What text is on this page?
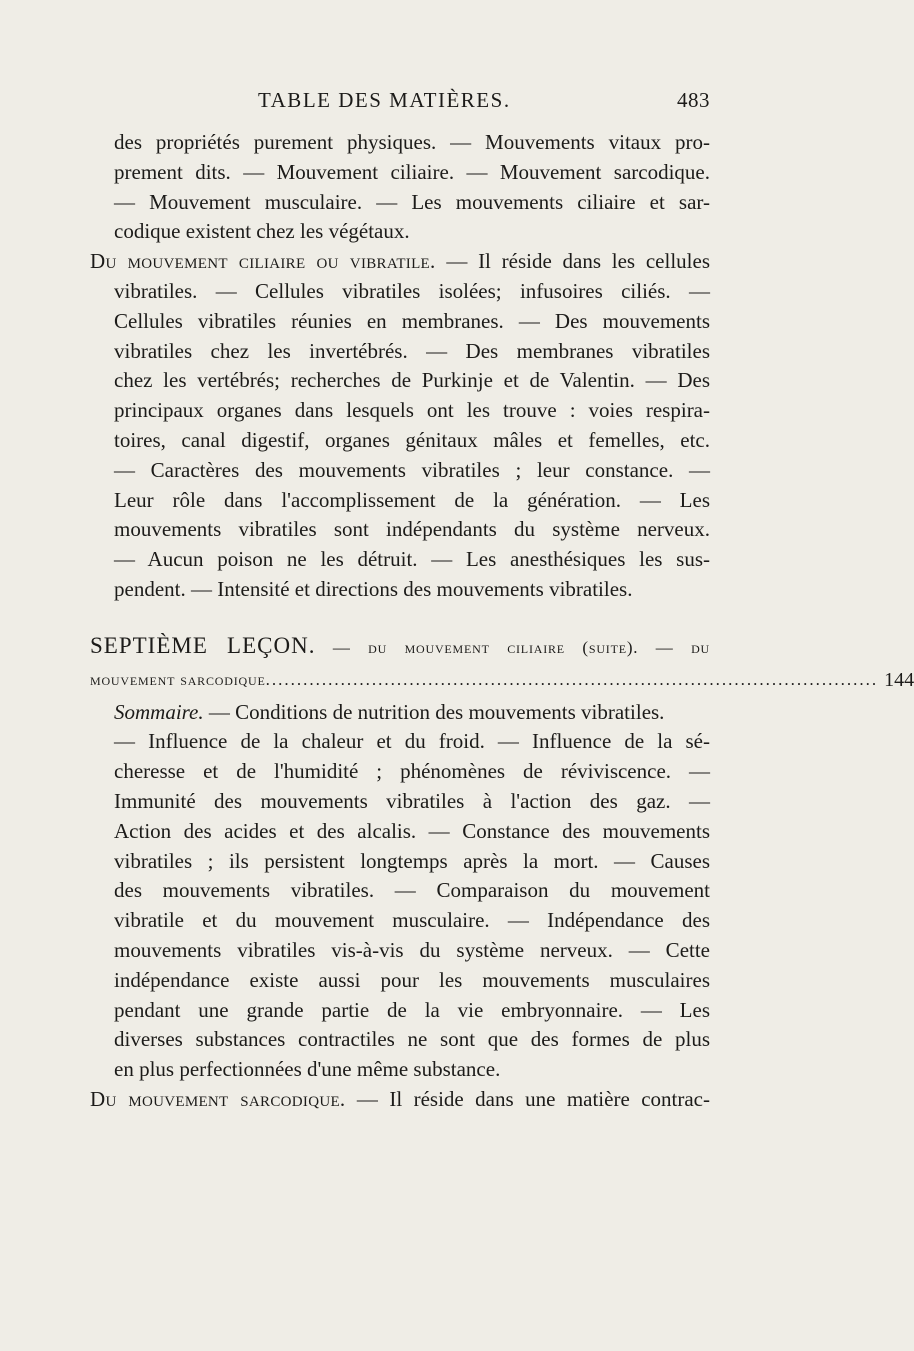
TABLE DES MATIÈRES.	483
des propriétés purement physiques. — Mouvements vitaux pro-
prement dits. — Mouvement ciliaire. — Mouvement sarcodique.
— Mouvement musculaire. — Les mouvements ciliaire et sar-
codique existent chez les végétaux.
Du mouvement ciliaire ou vibratile. — Il réside dans les cellules
vibratiles. — Cellules vibratiles isolées; infusoires ciliés. —
Cellules vibratiles réunies en membranes. — Des mouvements
vibratiles chez les invertébrés. — Des membranes vibratiles
chez les vertébrés; recherches de Purkinje et de Valentin. — Des
principaux organes dans lesquels ont les trouve : voies respira-
toires, canal digestif, organes génitaux mâles et femelles, etc.
— Caractères des mouvements vibratiles ; leur constance. —
Leur rôle dans l'accomplissement de la génération. — Les
mouvements vibratiles sont indépendants du système nerveux.
— Aucun poison ne les détruit. — Les anesthésiques les sus-
pendent. — Intensité et directions des mouvements vibratiles.
SEPTIÈME LEÇON. — du mouvement ciliaire (suite). — du
mouvement sarcodique .................................................................................................. 144
Sommaire. — Conditions de nutrition des mouvements vibratiles.
— Influence de la chaleur et du froid. — Influence de la sé-
cheresse et de l'humidité ; phénomènes de réviviscence. —
Immunité des mouvements vibratiles à l'action des gaz. —
Action des acides et des alcalis. — Constance des mouvements
vibratiles ; ils persistent longtemps après la mort. — Causes
des mouvements vibratiles. — Comparaison du mouvement
vibratile et du mouvement musculaire. — Indépendance des
mouvements vibratiles vis-à-vis du système nerveux. — Cette
indépendance existe aussi pour les mouvements musculaires
pendant une grande partie de la vie embryonnaire. — Les
diverses substances contractiles ne sont que des formes de plus
en plus perfectionnées d'une même substance.
Du mouvement sarcodique. — Il réside dans une matière contrac-
